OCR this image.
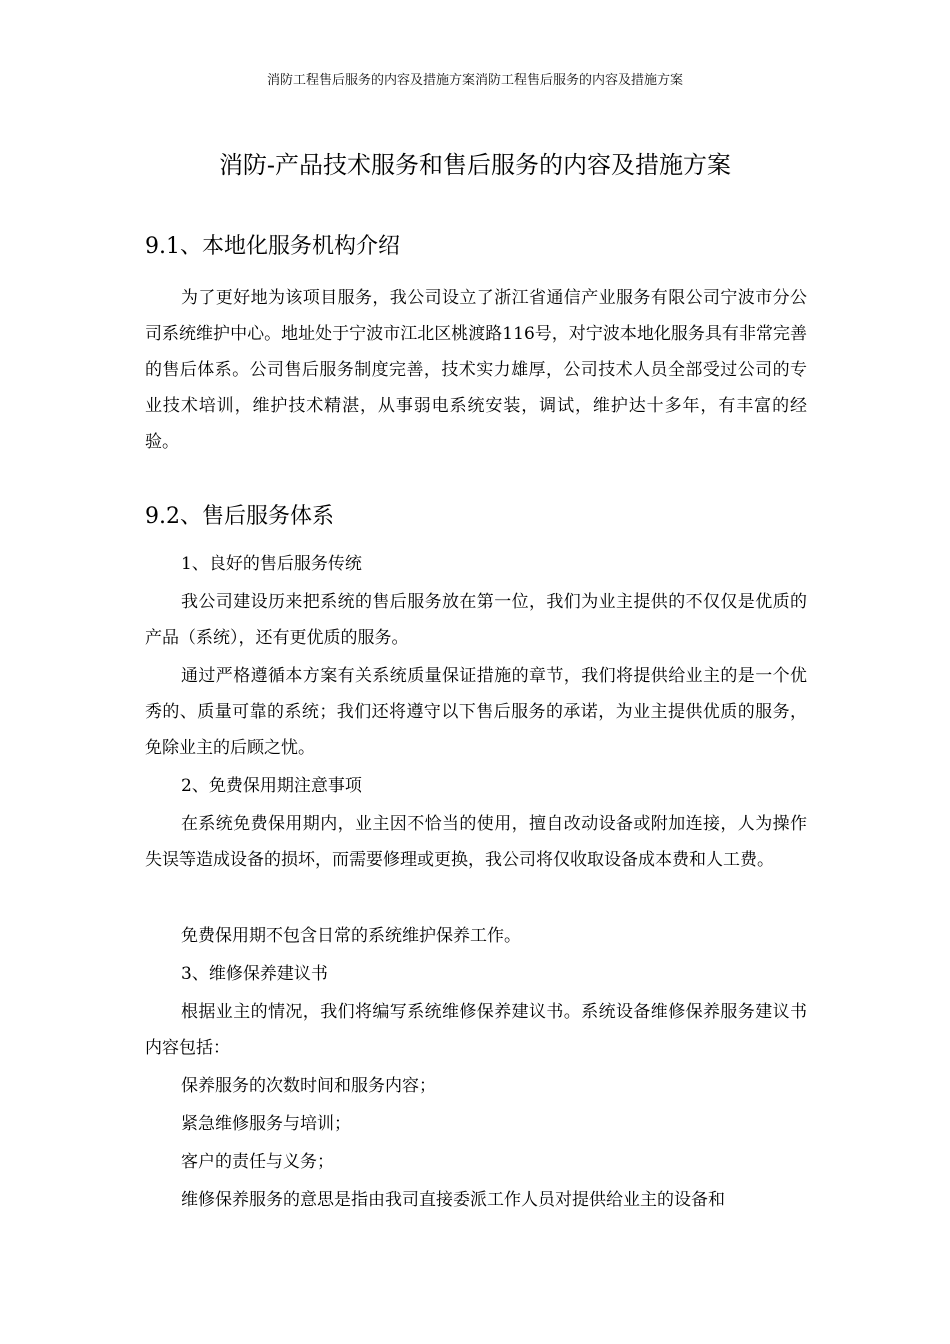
消防工程售后服务的内容及措施方案消防工程售后服务的内容及措施方案
消防-产品技术服务和售后服务的内容及措施方案
9.1、本地化服务机构介绍

为了更好地为该项目服务，我公司设立了浙江省通信产业服务有限公司宁波市分公司系统维护中心。地址处于宁波市江北区桃渡路116号，对宁波本地化服务具有非常完善的售后体系。公司售后服务制度完善，技术实力雄厚，公司技术人员全部受过公司的专业技术培训，维护技术精湛，从事弱电系统安装，调试，维护达十多年，有丰富的经验。

9.2、售后服务体系

1、良好的售后服务传统

我公司建设历来把系统的售后服务放在第一位，我们为业主提供的不仅仅是优质的产品（系统），还有更优质的服务。

通过严格遵循本方案有关系统质量保证措施的章节，我们将提供给业主的是一个优秀的、质量可靠的系统；我们还将遵守以下售后服务的承诺，为业主提供优质的服务，免除业主的后顾之忧。

2、免费保用期注意事项

在系统免费保用期内，业主因不恰当的使用，擅自改动设备或附加连接，人为操作失误等造成设备的损坏，而需要修理或更换，我公司将仅收取设备成本费和人工费。

免费保用期不包含日常的系统维护保养工作。

3、维修保养建议书

根据业主的情况，我们将编写系统维修保养建议书。系统设备维修保养服务建议书内容包括：

保养服务的次数时间和服务内容；

紧急维修服务与培训；

客户的责任与义务；

维修保养服务的意思是指由我司直接委派工作人员对提供给业主的设备和
